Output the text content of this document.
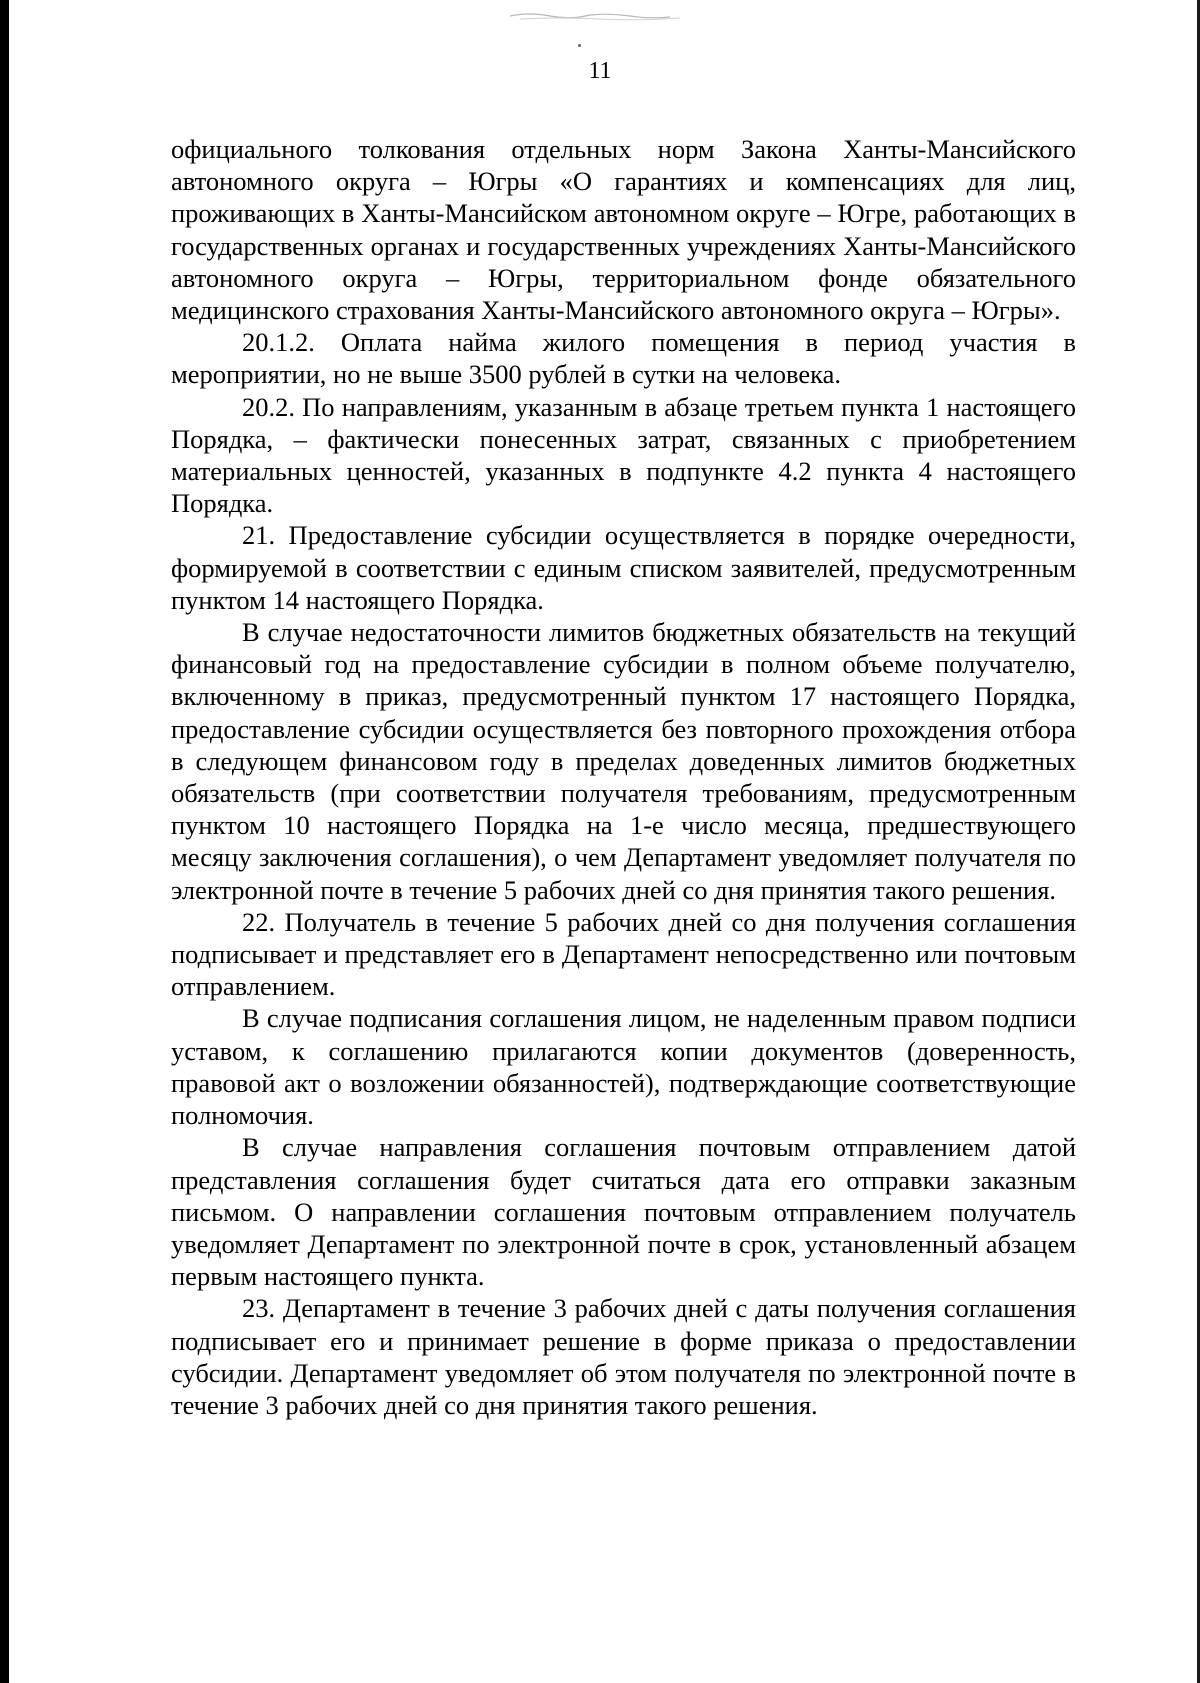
11

официального толкования отдельных норм Закона Ханты-Мансийского автономного округа – Югры «О гарантиях и компенсациях для лиц, проживающих в Ханты-Мансийском автономном округе – Югре, работающих в государственных органах и государственных учреждениях Ханты-Мансийского автономного округа – Югры, территориальном фонде обязательного медицинского страхования Ханты-Мансийского автономного округа – Югры».

20.1.2. Оплата найма жилого помещения в период участия в мероприятии, но не выше 3500 рублей в сутки на человека.

20.2. По направлениям, указанным в абзаце третьем пункта 1 настоящего Порядка, – фактически понесенных затрат, связанных с приобретением материальных ценностей, указанных в подпункте 4.2 пункта 4 настоящего Порядка.

21. Предоставление субсидии осуществляется в порядке очередности, формируемой в соответствии с единым списком заявителей, предусмотренным пунктом 14 настоящего Порядка.

В случае недостаточности лимитов бюджетных обязательств на текущий финансовый год на предоставление субсидии в полном объеме получателю, включенному в приказ, предусмотренный пунктом 17 настоящего Порядка, предоставление субсидии осуществляется без повторного прохождения отбора в следующем финансовом году в пределах доведенных лимитов бюджетных обязательств (при соответствии получателя требованиям, предусмотренным пунктом 10 настоящего Порядка на 1-е число месяца, предшествующего месяцу заключения соглашения), о чем Департамент уведомляет получателя по электронной почте в течение 5 рабочих дней со дня принятия такого решения.

22. Получатель в течение 5 рабочих дней со дня получения соглашения подписывает и представляет его в Департамент непосредственно или почтовым отправлением.

В случае подписания соглашения лицом, не наделенным правом подписи уставом, к соглашению прилагаются копии документов (доверенность, правовой акт о возложении обязанностей), подтверждающие соответствующие полномочия.

В случае направления соглашения почтовым отправлением датой представления соглашения будет считаться дата его отправки заказным письмом. О направлении соглашения почтовым отправлением получатель уведомляет Департамент по электронной почте в срок, установленный абзацем первым настоящего пункта.

23. Департамент в течение 3 рабочих дней с даты получения соглашения подписывает его и принимает решение в форме приказа о предоставлении субсидии. Департамент уведомляет об этом получателя по электронной почте в течение 3 рабочих дней со дня принятия такого решения.
